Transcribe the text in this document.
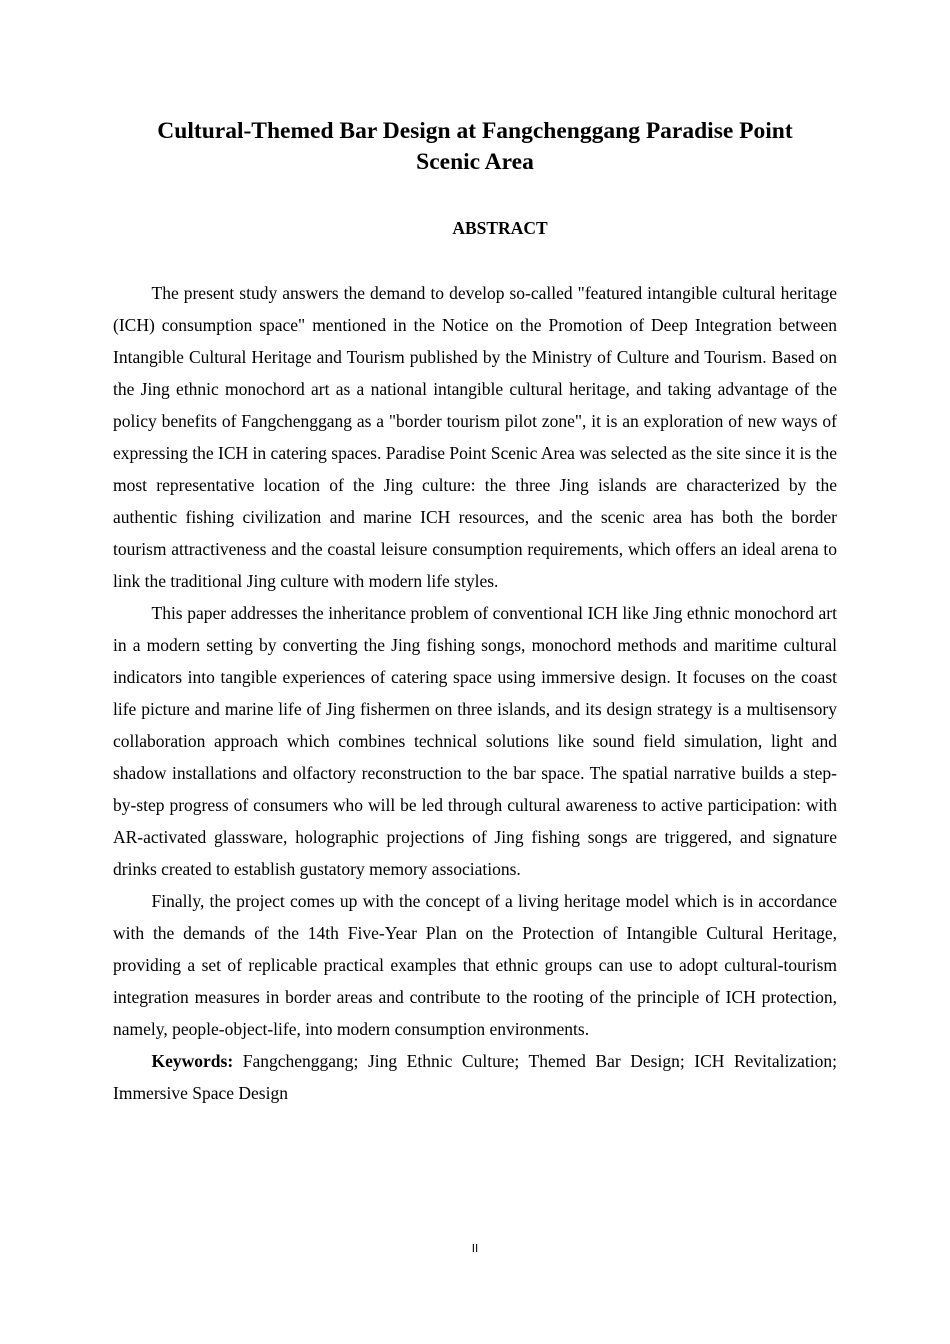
Cultural-Themed Bar Design at Fangchenggang Paradise Point
Scenic Area
ABSTRACT

The present study answers the demand to develop so-called "featured intangible cultural heritage (ICH) consumption space" mentioned in the Notice on the Promotion of Deep Integration between Intangible Cultural Heritage and Tourism published by the Ministry of Culture and Tourism. Based on the Jing ethnic monochord art as a national intangible cultural heritage, and taking advantage of the policy benefits of Fangchenggang as a "border tourism pilot zone", it is an exploration of new ways of expressing the ICH in catering spaces. Paradise Point Scenic Area was selected as the site since it is the most representative location of the Jing culture: the three Jing islands are characterized by the authentic fishing civilization and marine ICH resources, and the scenic area has both the border tourism attractiveness and the coastal leisure consumption requirements, which offers an ideal arena to link the traditional Jing culture with modern life styles.

This paper addresses the inheritance problem of conventional ICH like Jing ethnic monochord art in a modern setting by converting the Jing fishing songs, monochord methods and maritime cultural indicators into tangible experiences of catering space using immersive design. It focuses on the coast life picture and marine life of Jing fishermen on three islands, and its design strategy is a multisensory collaboration approach which combines technical solutions like sound field simulation, light and shadow installations and olfactory reconstruction to the bar space. The spatial narrative builds a step-by-step progress of consumers who will be led through cultural awareness to active participation: with AR-activated glassware, holographic projections of Jing fishing songs are triggered, and signature drinks created to establish gustatory memory associations.

Finally, the project comes up with the concept of a living heritage model which is in accordance with the demands of the 14th Five-Year Plan on the Protection of Intangible Cultural Heritage, providing a set of replicable practical examples that ethnic groups can use to adopt cultural-tourism integration measures in border areas and contribute to the rooting of the principle of ICH protection, namely, people-object-life, into modern consumption environments.

Keywords: Fangchenggang; Jing Ethnic Culture; Themed Bar Design; ICH Revitalization; Immersive Space Design

II
